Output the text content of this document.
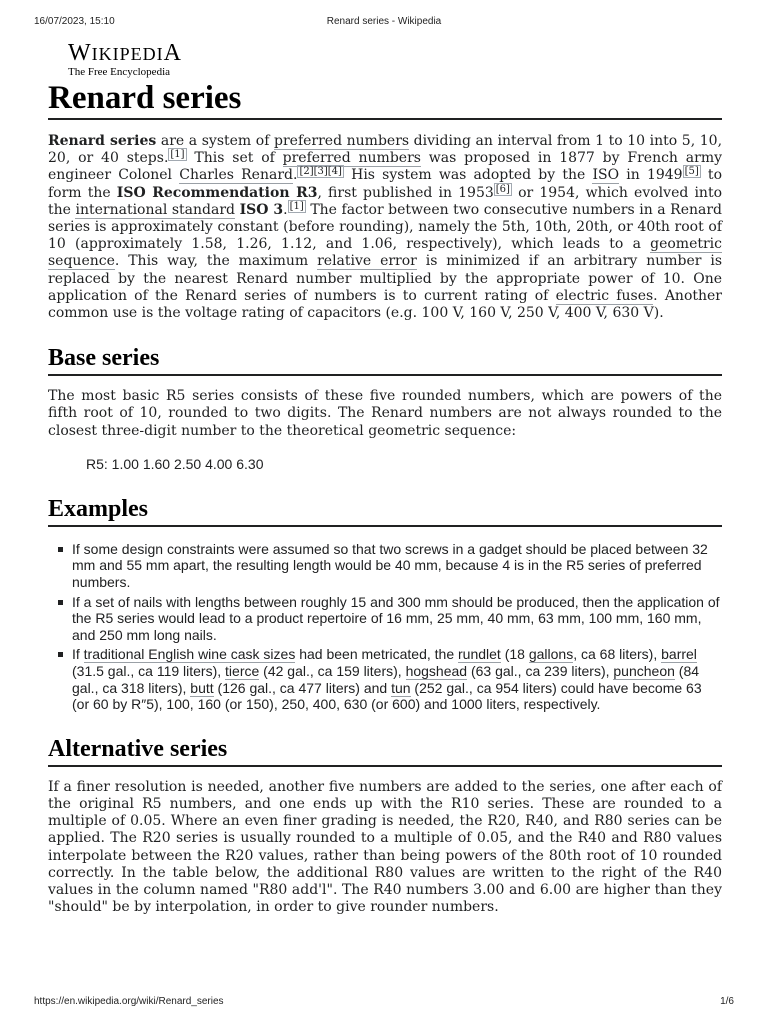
16/07/2023, 15:10	Renard series - Wikipedia
WIKIPEDIA
The Free Encyclopedia
Renard series

Renard series are a system of preferred numbers dividing an interval from 1 to 10 into 5, 10, 20, or 40 steps. [1] This set of preferred numbers was proposed in 1877 by French army engineer Colonel Charles Renard. [2][3][4] His system was adopted by the ISO in 1949 [5] to form the ISO Recommendation R3, first published in 1953 [6] or 1954, which evolved into the international standard ISO 3. [1] The factor between two consecutive numbers in a Renard series is approximately constant (before rounding), namely the 5th, 10th, 20th, or 40th root of 10 (approximately 1.58, 1.26, 1.12, and 1.06, respectively), which leads to a geometric sequence. This way, the maximum relative error is minimized if an arbitrary number is replaced by the nearest Renard number multiplied by the appropriate power of 10. One application of the Renard series of numbers is to current rating of electric fuses. Another common use is the voltage rating of capacitors (e.g. 100 V, 160 V, 250 V, 400 V, 630 V).

Base series

The most basic R5 series consists of these five rounded numbers, which are powers of the fifth root of 10, rounded to two digits. The Renard numbers are not always rounded to the closest three-digit number to the theoretical geometric sequence:

R5: 1.00 1.60 2.50 4.00 6.30
Examples
If some design constraints were assumed so that two screws in a gadget should be placed between 32 mm and 55 mm apart, the resulting length would be 40 mm, because 4 is in the R5 series of preferred numbers.
If a set of nails with lengths between roughly 15 and 300 mm should be produced, then the application of the R5 series would lead to a product repertoire of 16 mm, 25 mm, 40 mm, 63 mm, 100 mm, 160 mm, and 250 mm long nails.
If traditional English wine cask sizes had been metricated, the rundlet (18 gallons, ca 68 liters), barrel (31.5 gal., ca 119 liters), tierce (42 gal., ca 159 liters), hogshead (63 gal., ca 239 liters), puncheon (84 gal., ca 318 liters), butt (126 gal., ca 477 liters) and tun (252 gal., ca 954 liters) could have become 63 (or 60 by R″5), 100, 160 (or 150), 250, 400, 630 (or 600) and 1000 liters, respectively.
Alternative series

If a finer resolution is needed, another five numbers are added to the series, one after each of the original R5 numbers, and one ends up with the R10 series. These are rounded to a multiple of 0.05. Where an even finer grading is needed, the R20, R40, and R80 series can be applied. The R20 series is usually rounded to a multiple of 0.05, and the R40 and R80 values interpolate between the R20 values, rather than being powers of the 80th root of 10 rounded correctly. In the table below, the additional R80 values are written to the right of the R40 values in the column named "R80 add'l". The R40 numbers 3.00 and 6.00 are higher than they "should" be by interpolation, in order to give rounder numbers.

https://en.wikipedia.org/wiki/Renard_series	1/6
